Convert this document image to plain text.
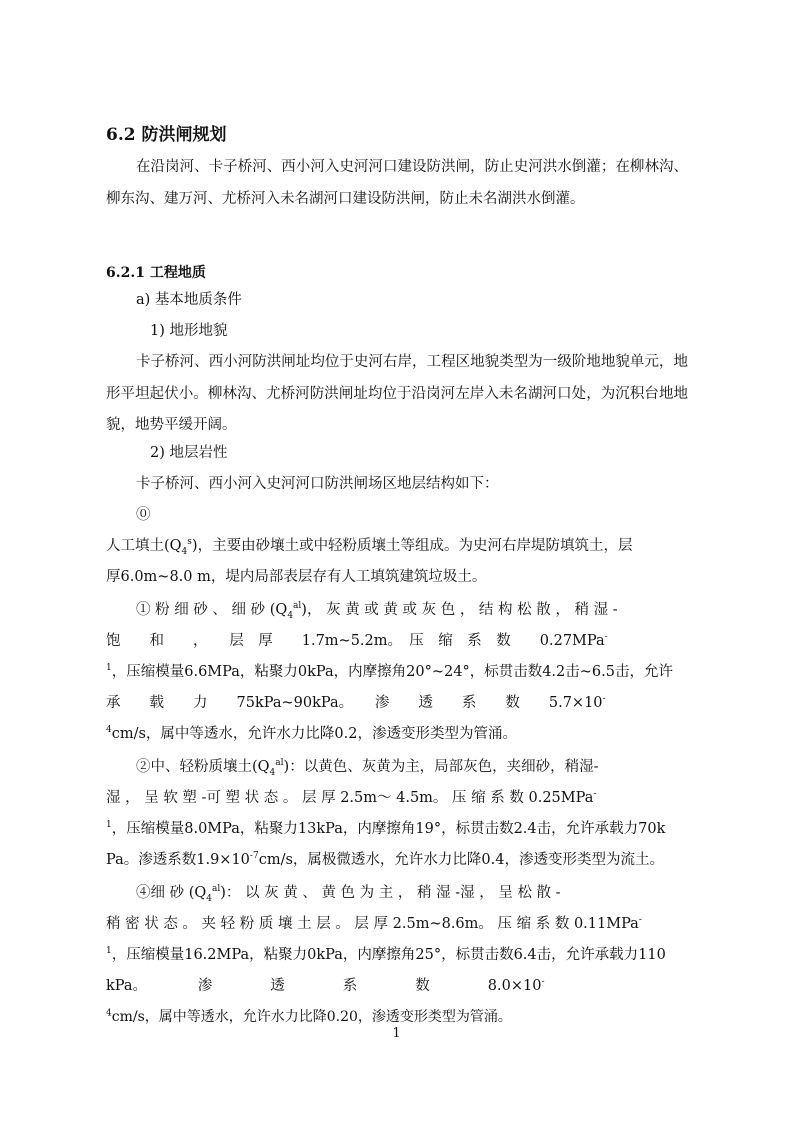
6.2 防洪闸规划

在沿岗河、卡子桥河、西小河入史河河口建设防洪闸，防止史河洪水倒灌；在柳林沟、柳东沟、建万河、尤桥河入未名湖河口建设防洪闸，防止未名湖洪水倒灌。

6.2.1 工程地质
a) 基本地质条件
1) 地形地貌

卡子桥河、西小河防洪闸址均位于史河右岸，工程区地貌类型为一级阶地地貌单元，地形平坦起伏小。柳林沟、尤桥河防洪闸址均位于沿岗河左岸入未名湖河口处，为沉积台地地貌，地势平缓开阔。

2) 地层岩性
卡子桥河、西小河入史河河口防洪闸场区地层结构如下：
⓪
人工填土$(Q_4^s)$，主要由砂壤土或中轻粉质壤土等组成。为史河右岸堤防填筑土，层
厚6.0m~8.0 m，堤内局部表层存有人工填筑建筑垃圾土。
① 粉 细 砂 、 细 砂 $(Q_4^{al})$， 灰 黄 或 黄 或 灰 色 ， 结 构 松 散 ， 稍 湿 -
饱　　和　　，　　层　厚　　1.7m~5.2m。　压　缩　系　数　　0.27MPa-
$^1$，压缩模量6.6MPa，粘聚力0kPa，内摩擦角20°~24°，标贯击数4.2击~6.5击，允许
承　　载　　力　　75kPa~90kPa。　　渗　　透　　系　　数　　5.7×10-
$^4$cm/s，属中等透水，允许水力比降0.2，渗透变形类型为管涌。
②中、轻粉质壤土$(Q_4^{al})$：以黄色、灰黄为主，局部灰色，夹细砂，稍湿-
湿 ， 呈 软 塑 -可 塑 状 态 。 层 厚 2.5m～ 4.5m。 压 缩 系 数 0.25MPa-
$^1$，压缩模量8.0MPa，粘聚力13kPa，内摩擦角19°，标贯击数2.4击，允许承载力70k
Pa。渗透系数$1.9\times 10^{-7}cm/s$，属极微透水，允许水力比降0.4，渗透变形类型为流土。
④细 砂 $(Q_4^{al})$： 以 灰 黄 、 黄 色 为 主 ， 稍 湿 -湿 ， 呈 松 散 -
稍 密 状 态 。 夹 轻 粉 质 壤 土 层 。 层 厚 2.5m~8.6m。 压 缩 系 数 0.11MPa-
$^1$，压缩模量16.2MPa，粘聚力0kPa，内摩擦角25°，标贯击数6.4击，允许承载力110
kPa。　　　　渗　　　　透　　　　系　　　　数　　　　8.0×10-
$^4$cm/s，属中等透水，允许水力比降0.20，渗透变形类型为管涌。
1
